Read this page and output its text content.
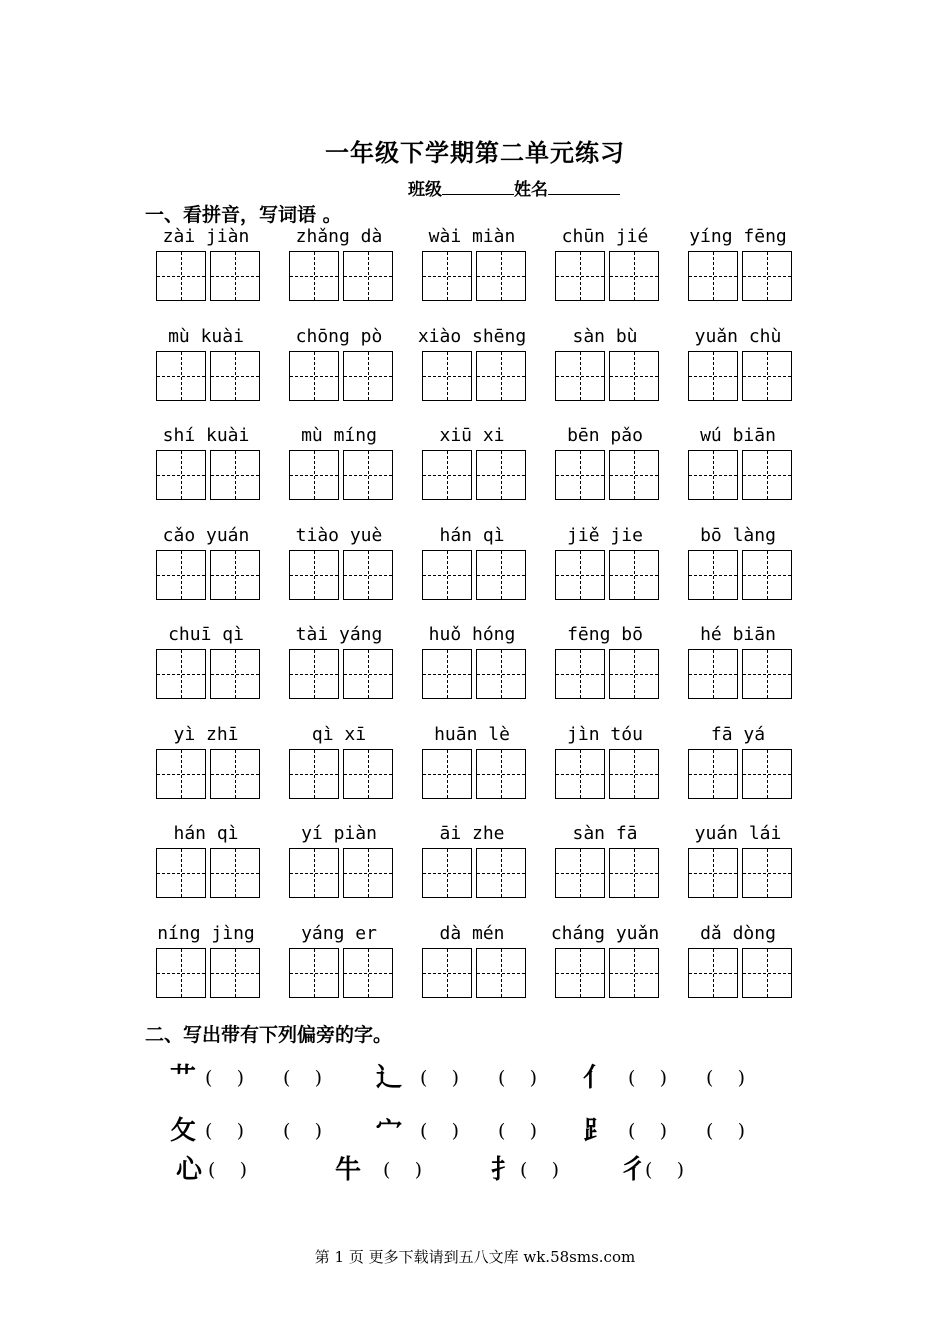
一年级下学期第二单元练习
班级	姓名
一、看拼音，写词语 。
zài jiàn	zhǎng dà	wài miàn	chūn jié	yíng fēng
mù kuài	chōng pò	xiào shēng	sàn bù	yuǎn chù
shí kuài	mù míng	xiū xi	bēn pǎo	wú biān
cǎo yuán	tiào yuè	hán qì	jiě jie	bō làng
chuī qì	tài yáng	huǒ hóng	fēng bō	hé biān
yì zhī	qì xī	huān lè	jìn tóu	fā yá
hán qì	yí piàn	āi zhe	sàn fā	yuán lái
níng jìng	yáng er	dà mén	cháng yuǎn	dǎ dòng
二、写出带有下列偏旁的字。
艹 (    ) (    ) 辶 (    ) (    ) 亻 (    ) (    )
攵 (    ) (    ) 宀 (    ) (    ) ⻊ (    ) (    )
心 (    )	牛 (    )	扌 (    ) 彳
(    )
第 1 页 更多下载请到五八文库 wk.58sms.com
